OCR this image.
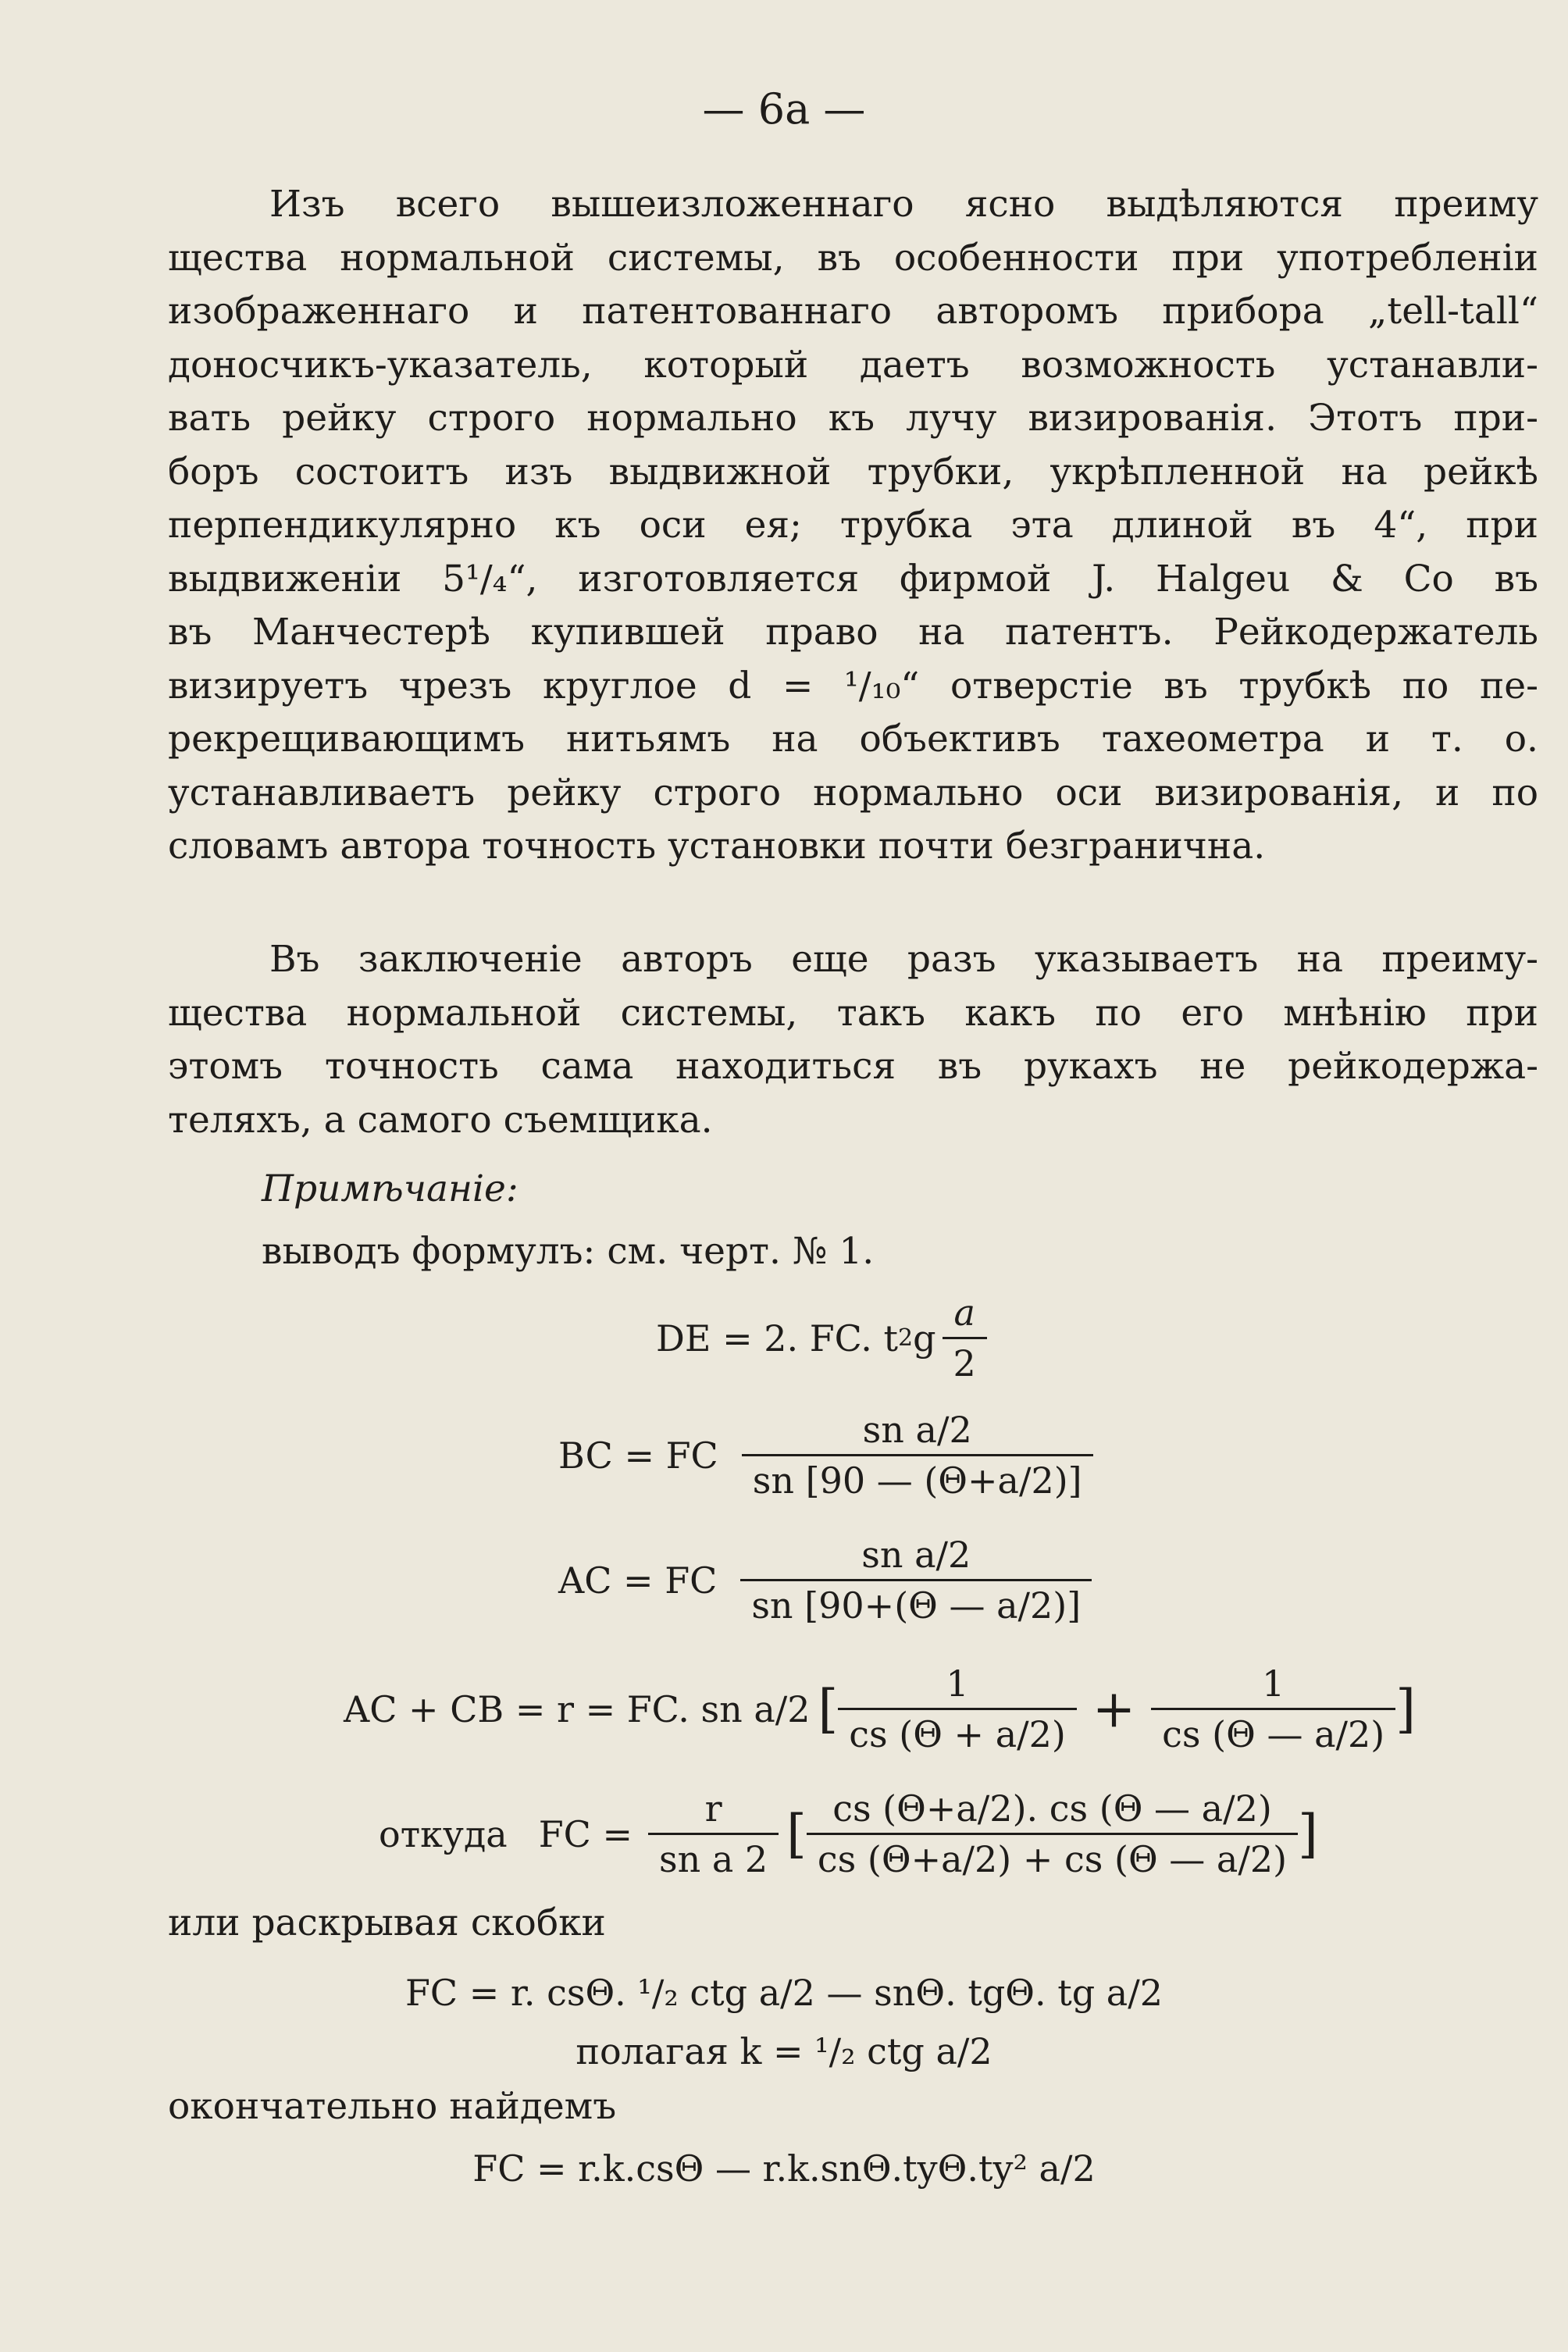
— 6а —
Изъ всего вышеизложеннаго ясно выдѣляются преиму
щества нормальной системы, въ особенности при употребленіи
изображеннаго и патентованнаго авторомъ прибора „tell-tall“
доносчикъ-указатель, который даетъ возможность устанавли-
вать рейку строго нормально къ лучу визированія. Этотъ при-
боръ состоитъ изъ выдвижной трубки, укрѣпленной на рейкѣ
перпендикулярно къ оси ея; трубка эта длиной въ 4“, при
выдвиженіи 5¹/₄“, изготовляется фирмой J. Halgeu & Co въ
въ Манчестерѣ купившей право на патентъ. Рейкодержатель
визируетъ чрезъ круглое d = ¹/₁₀“ отверстіе въ трубкѣ по пе-
рекрещивающимъ нитьямъ на объективъ тахеометра и т. о.
устанавливаетъ рейку строго нормально оси визированія, и по
словамъ автора точность установки почти безгранична.
Въ заключеніе авторъ еще разъ указываетъ на преиму-
щества нормальной системы, такъ какъ по его мнѣнію при
этомъ точность сама находиться въ рукахъ не рейкодержа-
теляхъ, а самого съемщика.
Примѣчаніе:
выводъ формулъ: см. черт. № 1.
DE = 2. FC. t 2 g $\frac{a}{2}$
BC = FC $\frac{\text{sn a/2}}{sn [90 — (\Theta+a/2)]}$
AC = FC $\frac{\text{sn a/2}}{sn [90+(\Theta — a/2)]}$
AC + CB = r = FC. sn a/2 [ $\frac{1}{cs (\Theta + a/2)} + \frac{1}{cs (\Theta — a/2)}$ ]
откуда FC = $\frac{r}{\text{sn a 2}}$ [ $\frac{cs (\Theta+a/2). cs (\Theta — a/2)}{cs (\Theta+a/2) + cs (\Theta — a/2)}$ ]
или раскрывая скобки
FC = r. csΘ. ¹/₂ ctg a/2 — snΘ. tgΘ. tg a/2
полагая k = ¹/₂ ctg a/2
окончательно найдемъ
FC = r.k.csΘ — r.k.snΘ.tyΘ.ty² a/2
